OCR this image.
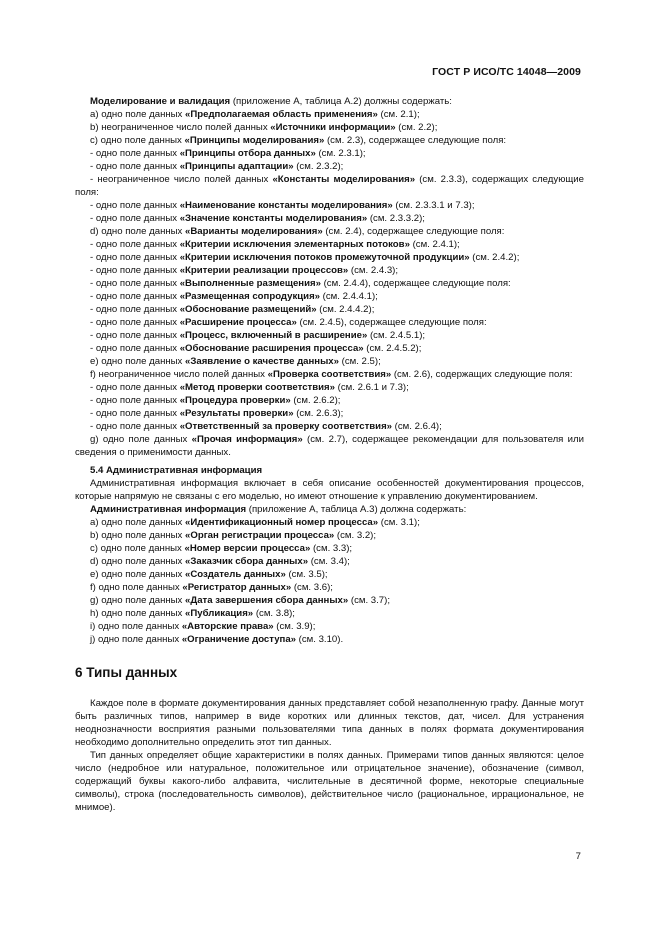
ГОСТ Р ИСО/ТС 14048—2009

Моделирование и валидация (приложение А, таблица А.2) должны содержать:

a) одно поле данных «Предполагаемая область применения» (см. 2.1);

b) неограниченное число полей данных «Источники информации» (см. 2.2);

c) одно поле данных «Принципы моделирования» (см. 2.3), содержащее следующие поля:

- одно поле данных «Принципы отбора данных» (см. 2.3.1);

- одно поле данных «Принципы адаптации» (см. 2.3.2);

- неограниченное число полей данных «Константы моделирования» (см. 2.3.3), содержащих следующие поля:

- одно поле данных «Наименование константы моделирования» (см. 2.3.3.1 и 7.3);

- одно поле данных «Значение константы моделирования» (см. 2.3.3.2);

d) одно поле данных «Варианты моделирования» (см. 2.4), содержащее следующие поля:

- одно поле данных «Критерии исключения элементарных потоков» (см. 2.4.1);

- одно поле данных «Критерии исключения потоков промежуточной продукции» (см. 2.4.2);

- одно поле данных «Критерии реализации процессов» (см. 2.4.3);

- одно поле данных «Выполненные размещения» (см. 2.4.4), содержащее следующие поля:

- одно поле данных «Размещенная сопродукция» (см. 2.4.4.1);

- одно поле данных «Обоснование размещений» (см. 2.4.4.2);

- одно поле данных «Расширение процесса» (см. 2.4.5), содержащее следующие поля:

- одно поле данных «Процесс, включенный в расширение» (см. 2.4.5.1);

- одно поле данных «Обоснование расширения процесса» (см. 2.4.5.2);

e) одно поле данных «Заявление о качестве данных» (см. 2.5);

f) неограниченное число полей данных «Проверка соответствия» (см. 2.6), содержащих следующие поля:

- одно поле данных «Метод проверки соответствия» (см. 2.6.1 и 7.3);

- одно поле данных «Процедура проверки» (см. 2.6.2);

- одно поле данных «Результаты проверки» (см. 2.6.3);

- одно поле данных «Ответственный за проверку соответствия» (см. 2.6.4);

g) одно поле данных «Прочая информация» (см. 2.7), содержащее рекомендации для пользователя или сведения о применимости данных.

5.4 Административная информация

Административная информация включает в себя описание особенностей документирования процессов, которые напрямую не связаны с его моделью, но имеют отношение к управлению документированием.

Административная информация (приложение А, таблица А.3) должна содержать:

a) одно поле данных «Идентификационный номер процесса» (см. 3.1);

b) одно поле данных «Орган регистрации процесса» (см. 3.2);

c) одно поле данных «Номер версии процесса» (см. 3.3);

d) одно поле данных «Заказчик сбора данных» (см. 3.4);

e) одно поле данных «Создатель данных» (см. 3.5);

f) одно поле данных «Регистратор данных» (см. 3.6);

g) одно поле данных «Дата завершения сбора данных» (см. 3.7);

h) одно поле данных «Публикация» (см. 3.8);

i) одно поле данных «Авторские права» (см. 3.9);

j) одно поле данных «Ограничение доступа» (см. 3.10).

6 Типы данных

Каждое поле в формате документирования данных представляет собой незаполненную графу. Данные могут быть различных типов, например в виде коротких или длинных текстов, дат, чисел. Для устранения неоднозначности восприятия разными пользователями типа данных в полях формата документирования необходимо дополнительно определить этот тип данных.

Тип данных определяет общие характеристики в полях данных. Примерами типов данных являются: целое число (недробное или натуральное, положительное или отрицательное значение), обозначение (символ, содержащий буквы какого-либо алфавита, числительные в десятичной форме, некоторые специальные символы), строка (последовательность символов), действительное число (рациональное, иррациональное, не мнимое).

7
